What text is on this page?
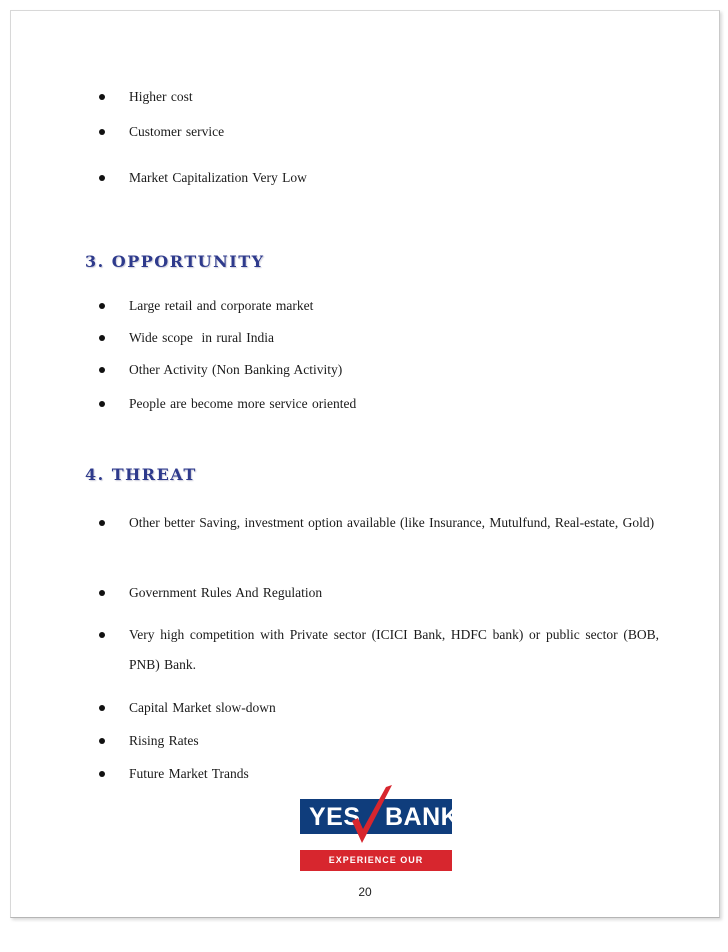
Higher cost
Customer service
Market Capitalization Very Low
3. OPPORTUNITY
Large retail and corporate market
Wide scope  in rural India
Other Activity (Non Banking Activity)
People are become more service oriented
4. THREAT
Other better Saving, investment option available (like Insurance, Mutulfund, Real-estate, Gold)
Government Rules And Regulation
Very high competition with Private sector (ICICI Bank, HDFC bank) or public sector (BOB, PNB) Bank.
Capital Market slow-down
Rising Rates
Future Market Trands
YES BANK
EXPERIENCE OUR EXPERTISE
20
